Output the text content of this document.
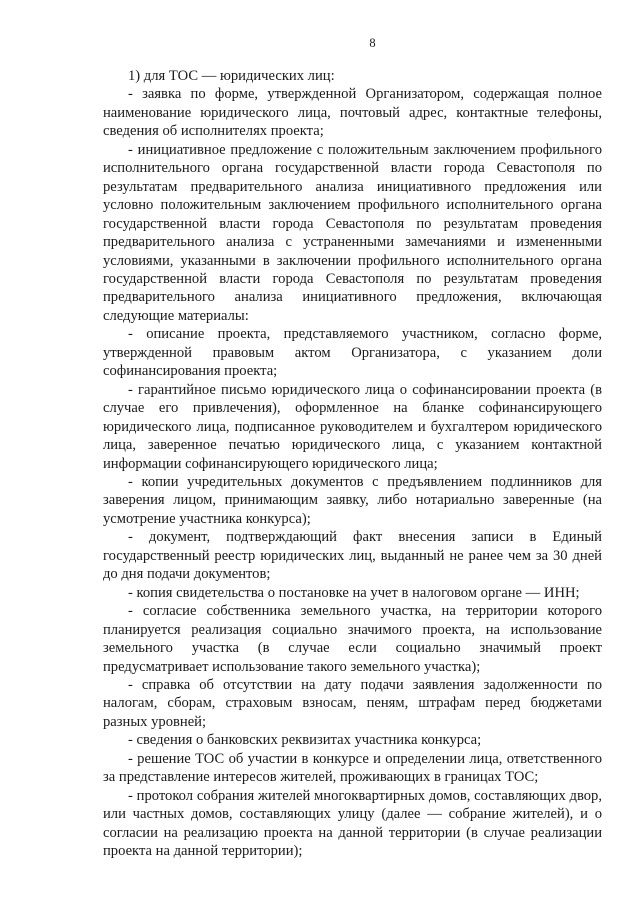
8

1) для ТОС — юридических лиц:

- заявка по форме, утвержденной Организатором, содержащая полное наименование юридического лица, почтовый адрес, контактные телефоны, сведения об исполнителях проекта;

- инициативное предложение с положительным заключением профильного исполнительного органа государственной власти города Севастополя по результатам предварительного анализа инициативного предложения или условно положительным заключением профильного исполнительного органа государственной власти города Севастополя по результатам проведения предварительного анализа с устраненными замечаниями и измененными условиями, указанными в заключении профильного исполнительного органа государственной власти города Севастополя по результатам проведения предварительного анализа инициативного предложения, включающая следующие материалы:

- описание проекта, представляемого участником, согласно форме, утвержденной правовым актом Организатора, с указанием доли софинансирования проекта;

- гарантийное письмо юридического лица о софинансировании проекта (в случае его привлечения), оформленное на бланке софинансирующего юридического лица, подписанное руководителем и бухгалтером юридического лица, заверенное печатью юридического лица, с указанием контактной информации софинансирующего юридического лица;

- копии учредительных документов с предъявлением подлинников для заверения лицом, принимающим заявку, либо нотариально заверенные (на усмотрение участника конкурса);

- документ, подтверждающий факт внесения записи в Единый государственный реестр юридических лиц, выданный не ранее чем за 30 дней до дня подачи документов;

- копия свидетельства о постановке на учет в налоговом органе — ИНН;

- согласие собственника земельного участка, на территории которого планируется реализация социально значимого проекта, на использование земельного участка (в случае если социально значимый проект предусматривает использование такого земельного участка);

- справка об отсутствии на дату подачи заявления задолженности по налогам, сборам, страховым взносам, пеням, штрафам перед бюджетами разных уровней;

- сведения о банковских реквизитах участника конкурса;

- решение ТОС об участии в конкурсе и определении лица, ответственного за представление интересов жителей, проживающих в границах ТОС;

- протокол собрания жителей многоквартирных домов, составляющих двор, или частных домов, составляющих улицу (далее — собрание жителей), и о согласии на реализацию проекта на данной территории (в случае реализации проекта на данной территории);
